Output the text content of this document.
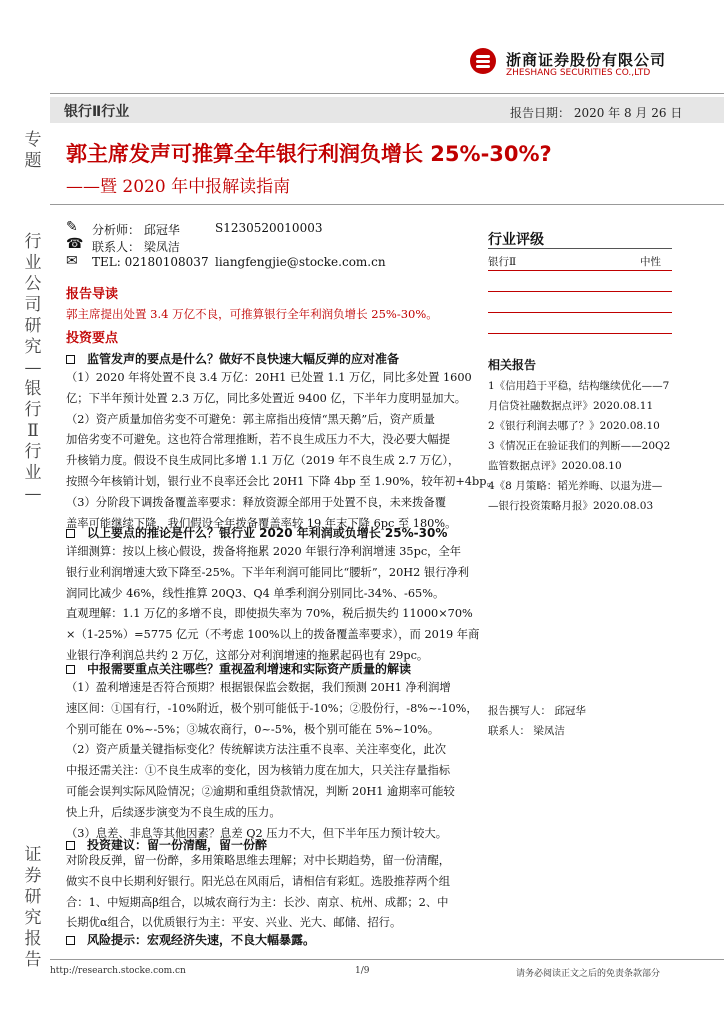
浙商证券股份有限公司
ZHESHANG SECURITIES CO.,LTD
银行Ⅱ行业	报告日期： 2020 年 8 月 26 日
专
题
行
业
公
司
研
究
—
银
行
Ⅱ
行
业
—
证
券
研
究
报
告
郭主席发声可推算全年银行利润负增长 25%-30%?
——暨 2020 年中报解读指南
✎ 分析师： 邱冠华	S1230520010003
☎ 联系人： 梁凤洁
✉ TEL: 02180108037 liangfengjie@stocke.com.cn
行业评级
银行Ⅱ	中性
相关报告
1《信用趋于平稳，结构继续优化——7
月信贷社融数据点评》2020.08.11
2《银行利润去哪了？》2020.08.10
3《情况正在验证我们的判断——20Q2
监管数据点评》2020.08.10
4《8 月策略：韬光养晦、以退为进—
—银行投资策略月报》2020.08.03
报告撰写人： 邱冠华
联系人： 梁凤洁
报告导读
郭主席提出处置 3.4 万亿不良，可推算银行全年利润负增长 25%-30%。
投资要点
监管发声的要点是什么？做好不良快速大幅反弹的应对准备
（1）2020 年将处置不良 3.4 万亿：20H1 已处置 1.1 万亿，同比多处置 1600
亿；下半年预计处置 2.3 万亿，同比多处置近 9400 亿，下半年力度明显加大。
（2）资产质量加倍劣变不可避免：郭主席指出疫情“黑天鹅”后，资产质量
加倍劣变不可避免。这也符合常理推断，若不良生成压力不大，没必要大幅提
升核销力度。假设不良生成同比多增 1.1 万亿（2019 年不良生成 2.7 万亿），
按照今年核销计划，银行业不良率还会比 20H1 下降 4bp 至 1.90%，较年初+4bp。
（3）分阶段下调拨备覆盖率要求：释放资源全部用于处置不良，未来拨备覆
盖率可能继续下降，我们假设全年拨备覆盖率较 19 年末下降 6pc 至 180%。
以上要点的推论是什么？银行业 2020 年利润或负增长 25%-30%
详细测算：按以上核心假设，拨备将拖累 2020 年银行净利润增速 35pc，全年
银行业利润增速大致下降至-25%。下半年利润可能同比“腰斩”，20H2 银行净利
润同比减少 46%，线性推算 20Q3、Q4 单季利润分别同比-34%、-65%。
直观理解：1.1 万亿的多增不良，即使损失率为 70%，税后损失约 11000×70%
×（1-25%）=5775 亿元（不考虑 100%以上的拨备覆盖率要求），而 2019 年商
业银行净利润总共约 2 万亿，这部分对利润增速的拖累起码也有 29pc。
中报需要重点关注哪些？重视盈利增速和实际资产质量的解读
（1）盈利增速是否符合预期？根据银保监会数据，我们预测 20H1 净利润增
速区间：①国有行，-10%附近，极个别可能低于-10%；②股份行，-8%~-10%，
个别可能在 0%~-5%；③城农商行，0~-5%，极个别可能在 5%~10%。
（2）资产质量关键指标变化？传统解读方法注重不良率、关注率变化，此次
中报还需关注：①不良生成率的变化，因为核销力度在加大，只关注存量指标
可能会误判实际风险情况；②逾期和重组贷款情况，判断 20H1 逾期率可能较
快上升，后续逐步演变为不良生成的压力。
（3）息差、非息等其他因素？息差 Q2 压力不大，但下半年压力预计较大。
投资建议：留一份清醒，留一份醉
对阶段反弹，留一份醉，多用策略思维去理解；对中长期趋势，留一份清醒，
做实不良中长期利好银行。阳光总在风雨后，请相信有彩虹。选股推荐两个组
合：1、中短期高β组合，以城农商行为主：长沙、南京、杭州、成都；2、中
长期优α组合，以优质银行为主：平安、兴业、光大、邮储、招行。
风险提示：宏观经济失速，不良大幅暴露。
http://research.stocke.com.cn	1/9	请务必阅读正文之后的免责条款部分
